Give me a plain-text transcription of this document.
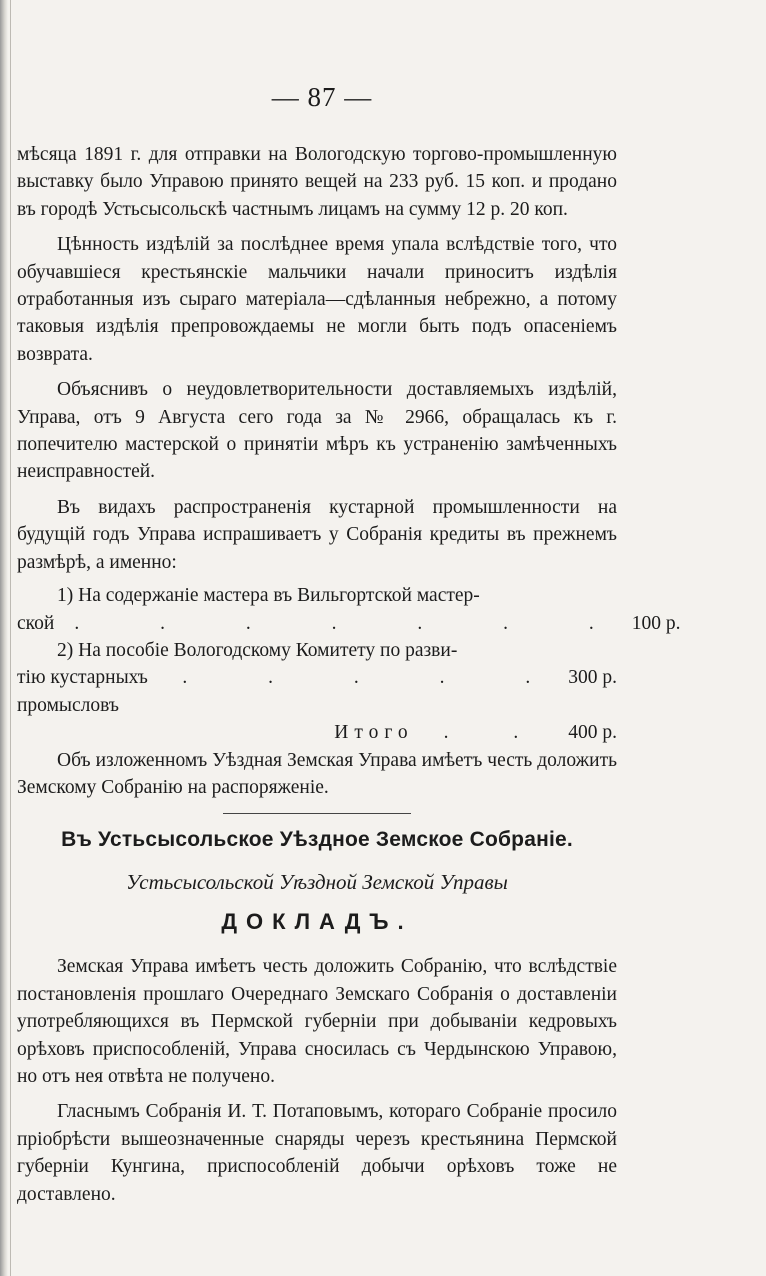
— 87 —

мѣсяца 1891 г. для отправки на Вологодскую торгово-промышленную выставку было Управою принято вещей на 233 руб. 15 коп. и продано въ городѣ Устьсысольскѣ частнымъ лицамъ на сумму 12 р. 20 коп.

Цѣнность издѣлій за послѣднее время упала вслѣдствіе того, что обучавшіеся крестьянскіе мальчики начали приноситъ издѣлія отработанныя изъ сыраго матеріала—сдѣланныя небрежно, а потому таковыя издѣлія препровождаемы не могли быть подъ опасеніемъ возврата.

Объяснивъ о неудовлетворительности доставляемыхъ издѣлій, Управа, отъ 9 Августа сего года за № 2966, обращалась къ г. попечителю мастерской о принятіи мѣръ къ устраненію замѣченныхъ неисправностей.

Въ видахъ распространенія кустарной промышленности на будущій годъ Управа испрашиваетъ у Собранія кредиты въ прежнемъ размѣрѣ, а именно:

1) На содержаніе мастера въ Вильгортской мастер-
ской	. . . . . . . 100 р.
2) На пособіе Вологодскому Комитету по разви-
тію кустарныхъ промысловъ
. . . . . 300 р.
Итого . . 400 р.

Объ изложенномъ Уѣздная Земская Управа имѣетъ честь доложить Земскому Собранію на распоряженіе.

Въ Устьсысольское Уѣздное Земское Собраніе.
Устьсысольской Уѣздной Земской Управы
ДОКЛАДЪ.

Земская Управа имѣетъ честь доложить Собранію, что вслѣдствіе постановленія прошлаго Очереднаго Земскаго Собранія о доставленіи употребляющихся въ Пермской губерніи при добываніи кедровыхъ орѣховъ приспособленій, Управа сносилась съ Чердынскою Управою, но отъ нея отвѣта не получено.

Гласнымъ Собранія И. Т. Потаповымъ, котораго Собраніе просило пріобрѣсти вышеозначенные снаряды черезъ крестьянина Пермской губерніи Кунгина, приспособленій добычи орѣховъ тоже не доставлено.
